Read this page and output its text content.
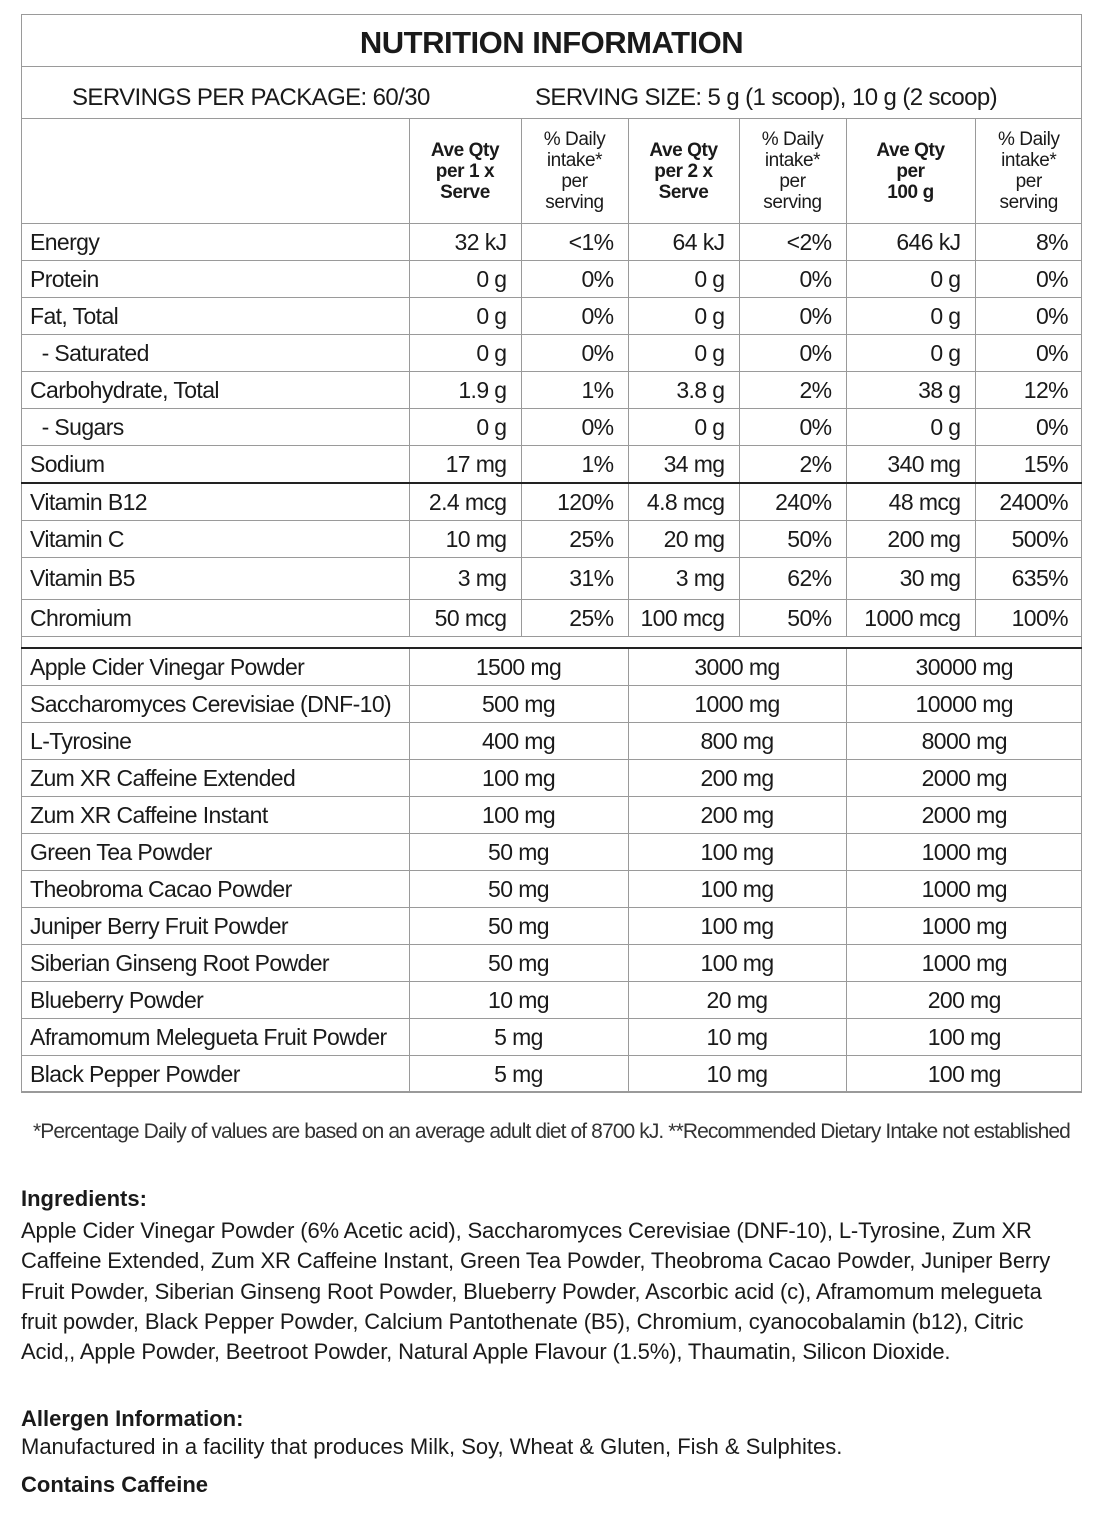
NUTRITION INFORMATION
SERVINGS PER PACKAGE: 60/30	SERVING SIZE: 5 g (1 scoop), 10 g (2 scoop)
	Ave Qty
per 1 x
Serve	% Daily
intake*
per
serving	Ave Qty
per 2 x
Serve	% Daily
intake*
per
serving	Ave Qty
per
100 g	% Daily
intake*
per
serving
Energy	32 kJ	<1%	64 kJ	<2%	646 kJ	8%
Protein	0 g	0%	0 g	0%	0 g	0%
Fat, Total	0 g	0%	0 g	0%	0 g	0%
- Saturated	0 g	0%	0 g	0%	0 g	0%
Carbohydrate, Total	1.9 g	1%	3.8 g	2%	38 g	12%
- Sugars	0 g	0%	0 g	0%	0 g	0%
Sodium	17 mg	1%	34 mg	2%	340 mg	15%
Vitamin B12	2.4 mcg	120%	4.8 mcg	240%	48 mcg	2400%
Vitamin C	10 mg	25%	20 mg	50%	200 mg	500%
Vitamin B5	3 mg	31%	3 mg	62%	30 mg	635%
Chromium	50 mcg	25%	100 mcg	50%	1000 mcg	100%
Apple Cider Vinegar Powder	1500 mg	3000 mg	30000 mg
Saccharomyces Cerevisiae (DNF-10)	500 mg	1000 mg	10000 mg
L-Tyrosine	400 mg	800 mg	8000 mg
Zum XR Caffeine Extended	100 mg	200 mg	2000 mg
Zum XR Caffeine Instant	100 mg	200 mg	2000 mg
Green Tea Powder	50 mg	100 mg	1000 mg
Theobroma Cacao Powder	50 mg	100 mg	1000 mg
Juniper Berry Fruit Powder	50 mg	100 mg	1000 mg
Siberian Ginseng Root Powder	50 mg	100 mg	1000 mg
Blueberry Powder	10 mg	20 mg	200 mg
Aframomum Melegueta Fruit Powder	5 mg	10 mg	100 mg
Black Pepper Powder	5 mg	10 mg	100 mg
*Percentage Daily of values are based on an average adult diet of 8700 kJ. **Recommended Dietary Intake not established
Ingredients:
Apple Cider Vinegar Powder (6% Acetic acid), Saccharomyces Cerevisiae (DNF-10), L-Tyrosine, Zum XR Caffeine Extended, Zum XR Caffeine Instant, Green Tea Powder, Theobroma Cacao Powder, Juniper Berry Fruit Powder, Siberian Ginseng Root Powder, Blueberry Powder, Ascorbic acid (c), Aframomum melegueta fruit powder, Black Pepper Powder, Calcium Pantothenate (B5), Chromium, cyanocobalamin (b12), Citric Acid,, Apple Powder, Beetroot Powder, Natural Apple Flavour (1.5%), Thaumatin, Silicon Dioxide.
Allergen Information:
Manufactured in a facility that produces Milk, Soy, Wheat & Gluten, Fish & Sulphites.
Contains Caffeine
